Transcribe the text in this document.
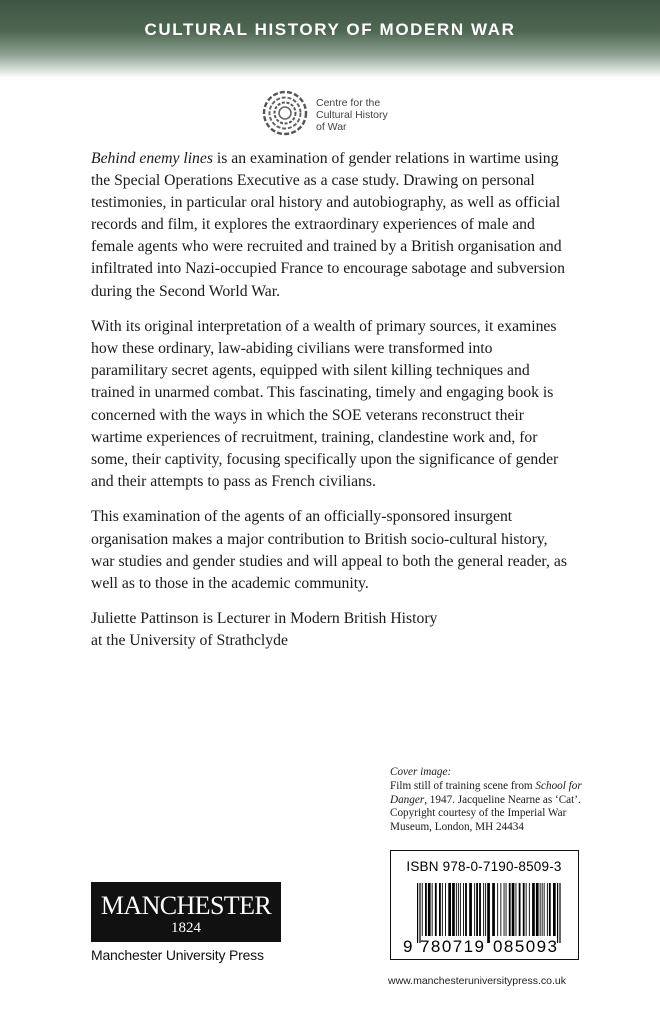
CULTURAL HISTORY OF MODERN WAR
Centre for the
Cultural History
of War

Behind enemy lines is an examination of gender relations in wartime using the Special Operations Executive as a case study. Drawing on personal testimonies, in particular oral history and autobiography, as well as official records and film, it explores the extraordinary experiences of male and female agents who were recruited and trained by a British organisation and infiltrated into Nazi-occupied France to encourage sabotage and subversion during the Second World War.

With its original interpretation of a wealth of primary sources, it examines how these ordinary, law-abiding civilians were transformed into paramilitary secret agents, equipped with silent killing techniques and trained in unarmed combat. This fascinating, timely and engaging book is concerned with the ways in which the SOE veterans reconstruct their wartime experiences of recruitment, training, clandestine work and, for some, their captivity, focusing specifically upon the significance of gender and their attempts to pass as French civilians.

This examination of the agents of an officially-sponsored insurgent organisation makes a major contribution to British socio-cultural history, war studies and gender studies and will appeal to both the general reader, as well as to those in the academic community.

Juliette Pattinson is Lecturer in Modern British History
at the University of Strathclyde

Cover image:
Film still of training scene from School for Danger, 1947. Jacqueline Nearne as ‘Cat’. Copyright courtesy of the Imperial War Museum, London, MH 24434
ISBN 978-0-7190-8509-3
9 780719 085093
MANCHESTER
1824
Manchester University Press
www.manchesteruniversitypress.co.uk
